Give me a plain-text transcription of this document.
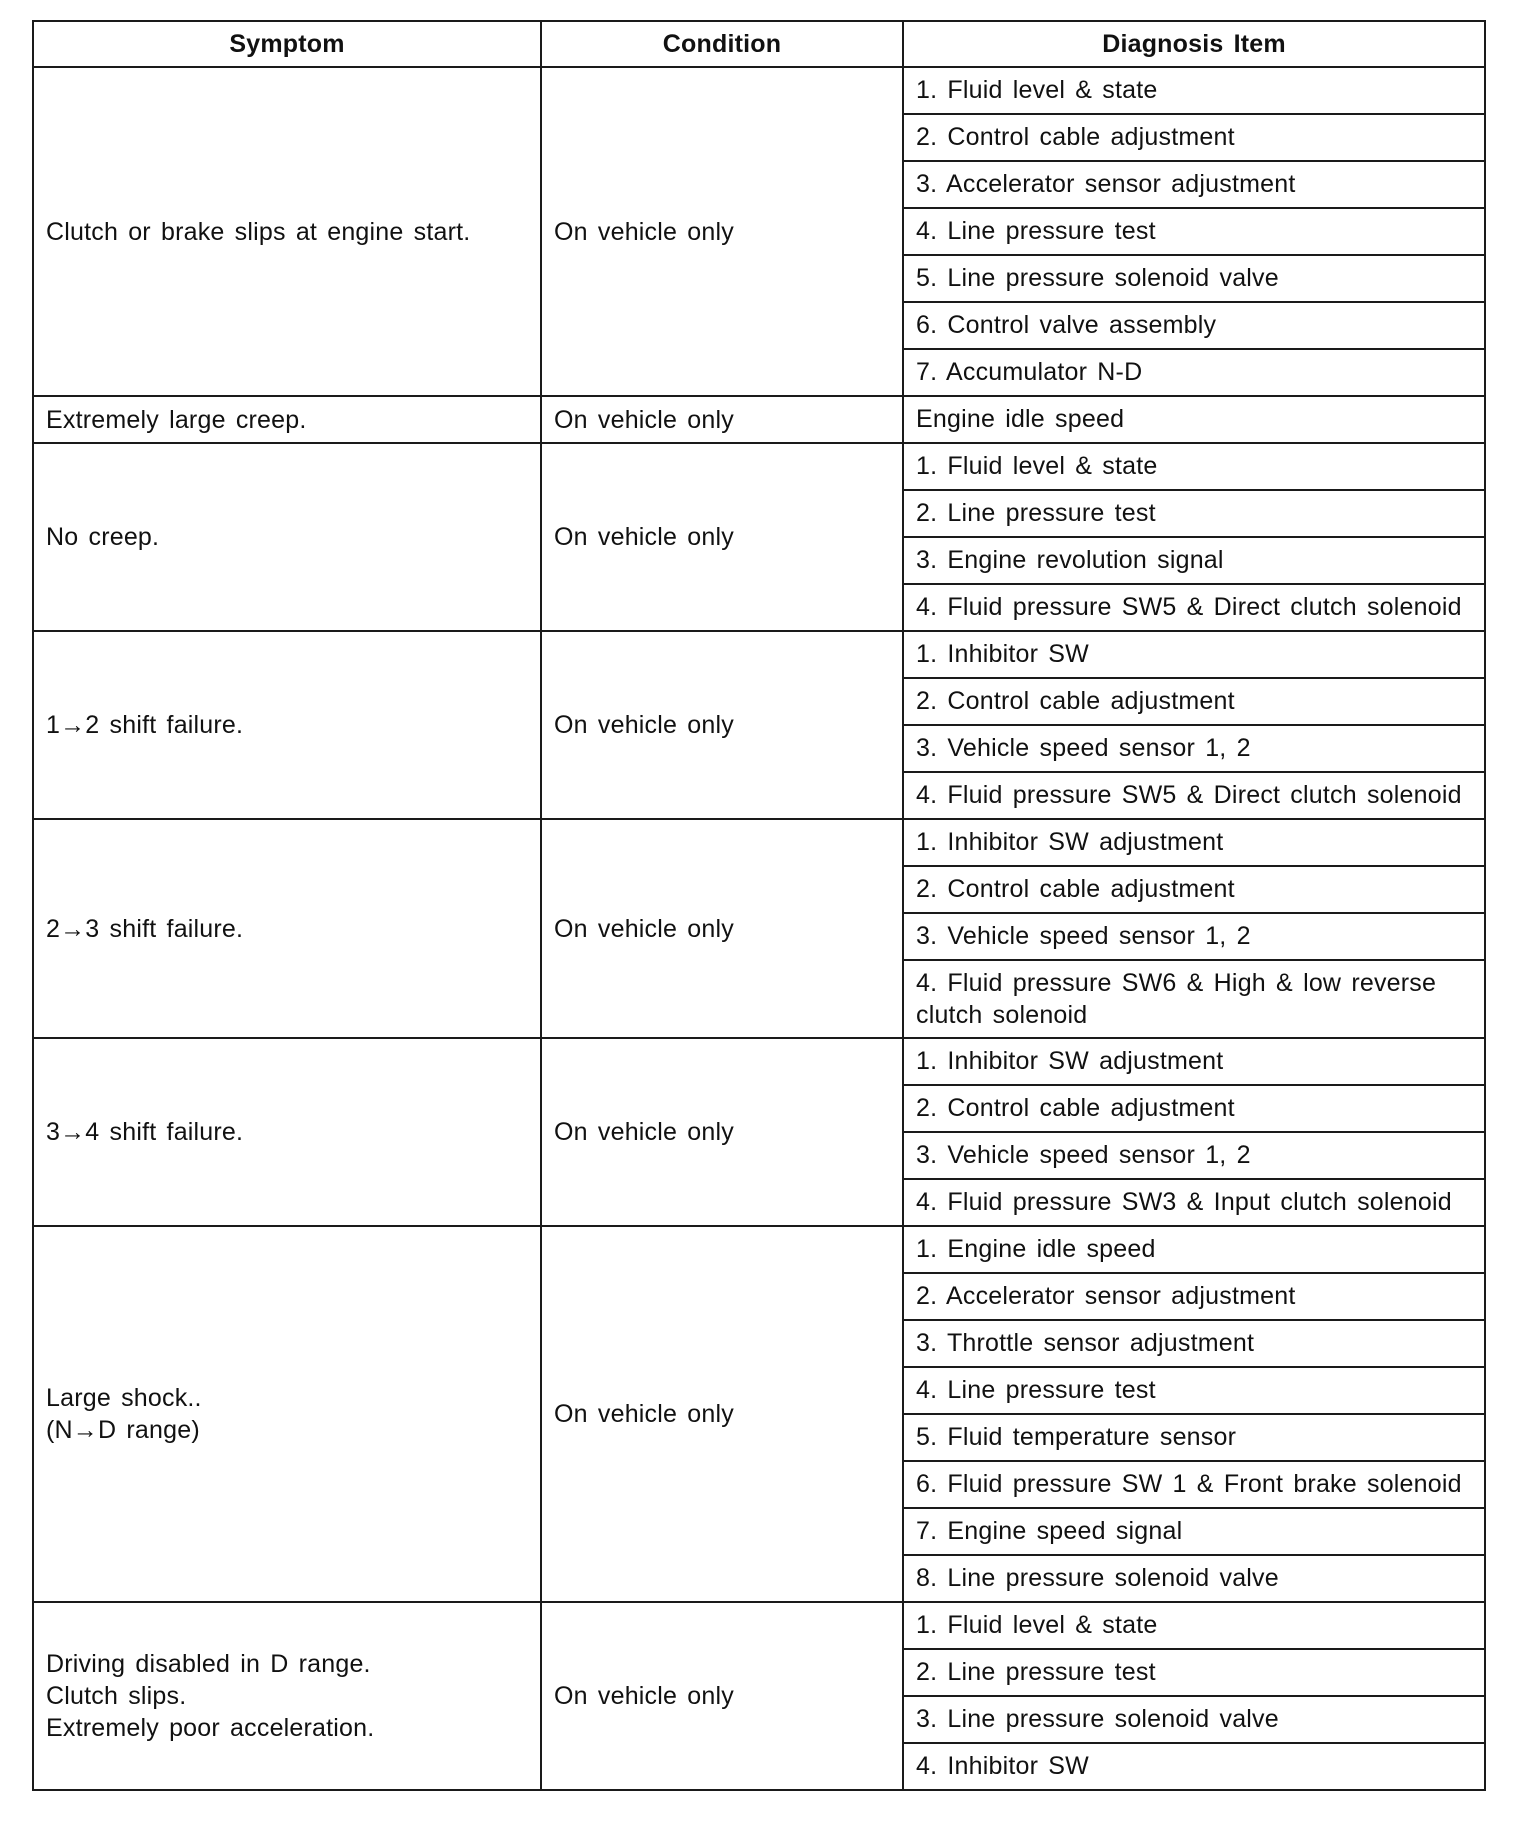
Symptom	Condition	Diagnosis Item
Clutch or brake slips at engine start.	On vehicle only	1. Fluid level & state
		2. Control cable adjustment
		3. Accelerator sensor adjustment
		4. Line pressure test
		5. Line pressure solenoid valve
		6. Control valve assembly
		7. Accumulator N-D
Extremely large creep.	On vehicle only	Engine idle speed
No creep.	On vehicle only	1. Fluid level & state
		2. Line pressure test
		3. Engine revolution signal
		4. Fluid pressure SW5 & Direct clutch solenoid
1→2 shift failure.	On vehicle only	1. Inhibitor SW
		2. Control cable adjustment
		3. Vehicle speed sensor 1, 2
		4. Fluid pressure SW5 & Direct clutch solenoid
2→3 shift failure.	On vehicle only	1. Inhibitor SW adjustment
		2. Control cable adjustment
		3. Vehicle speed sensor 1, 2
		4. Fluid pressure SW6 & High & low reverse clutch solenoid
3→4 shift failure.	On vehicle only	1. Inhibitor SW adjustment
		2. Control cable adjustment
		3. Vehicle speed sensor 1, 2
		4. Fluid pressure SW3 & Input clutch solenoid
Large shock..
(N→D range)	On vehicle only	1. Engine idle speed
		2. Accelerator sensor adjustment
		3. Throttle sensor adjustment
		4. Line pressure test
		5. Fluid temperature sensor
		6. Fluid pressure SW 1 & Front brake solenoid
		7. Engine speed signal
		8. Line pressure solenoid valve
Driving disabled in D range.
Clutch slips.
Extremely poor acceleration.	On vehicle only	1. Fluid level & state
		2. Line pressure test
		3. Line pressure solenoid valve
		4. Inhibitor SW
